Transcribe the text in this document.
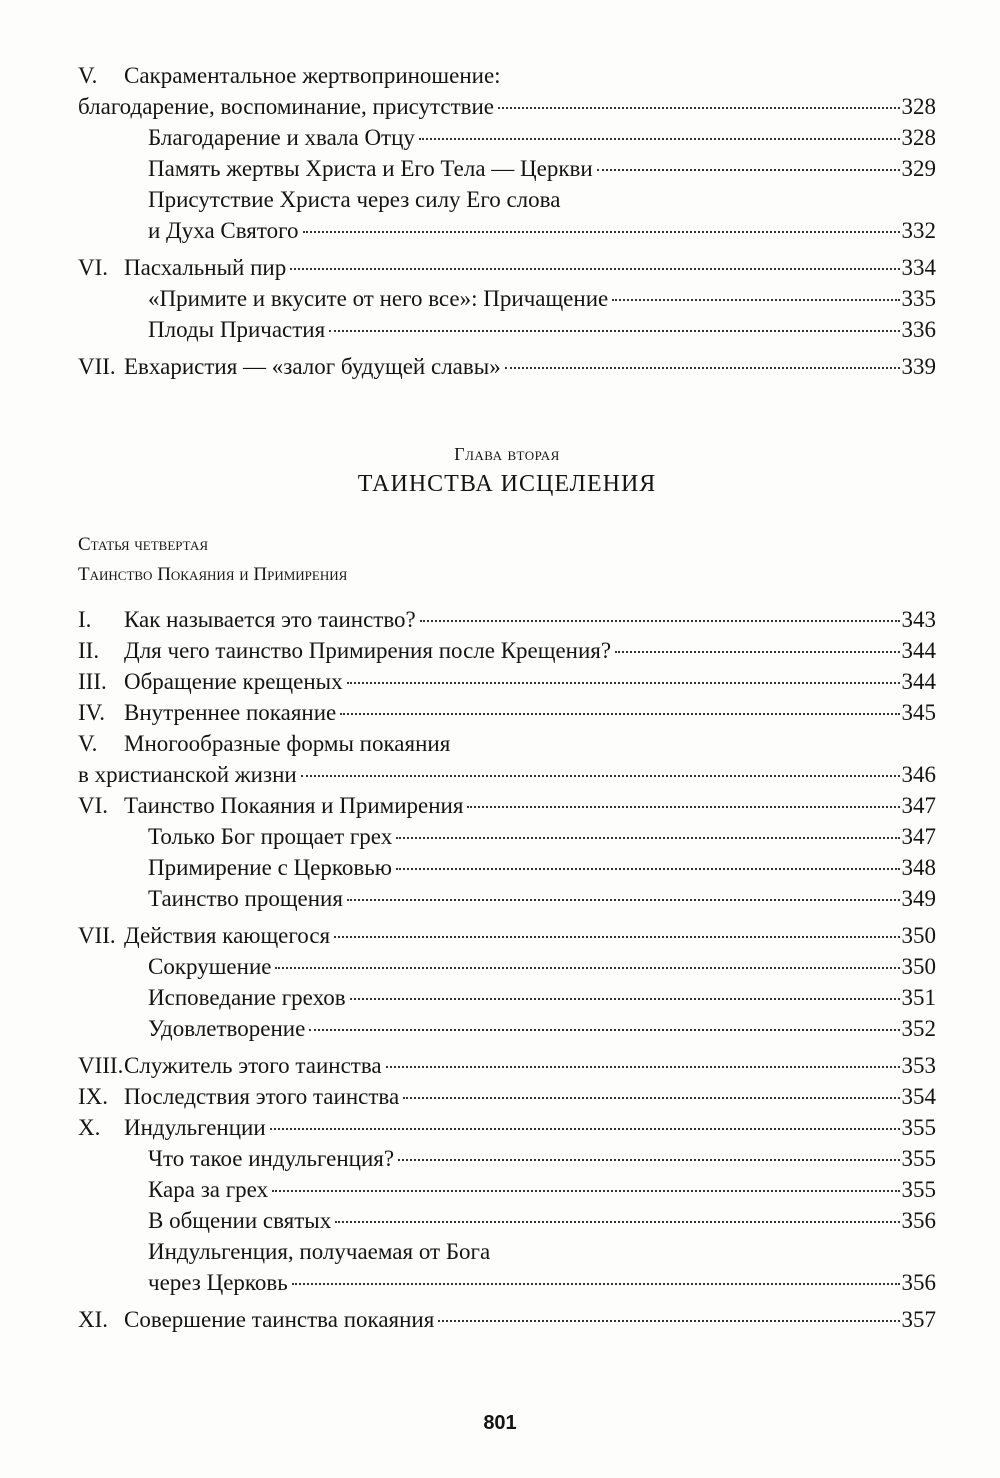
V. Сакраментальное жертвоприношение:
благодарение, воспоминание, присутствие	328
Благодарение и хвала Отцу	328
Память жертвы Христа и Его Тела — Церкви	329
Присутствие Христа через силу Его слова
и Духа Святого	332
VI. Пасхальный пир	334
«Примите и вкусите от него все»: Причащение	335
Плоды Причастия	336
VII. Евхаристия — «залог будущей славы»	339
Глава вторая
ТАИНСТВА ИСЦЕЛЕНИЯ
Статья четвертая
Таинство Покаяния и Примирения
I.	Как называется это таинство?	343
II.	Для чего таинство Примирения после Крещения?	344
III. Обращение крещеных	344
IV. Внутреннее покаяние	345
V. Многообразные формы покаяния
в христианской жизни	346
VI. Таинство Покаяния и Примирения	347
Только Бог прощает грех	347
Примирение с Церковью	348
Таинство прощения	349
VII. Действия кающегося	350
Сокрушение	350
Исповедание грехов	351
Удовлетворение	352
VIII. Служитель этого таинства	353
IX. Последствия этого таинства	354
X.	Индульгенции	355
Что такое индульгенция?	355
Кара за грех	355
В общении святых	356
Индульгенция, получаемая от Бога
через Церковь	356
XI. Совершение таинства покаяния	357
801
